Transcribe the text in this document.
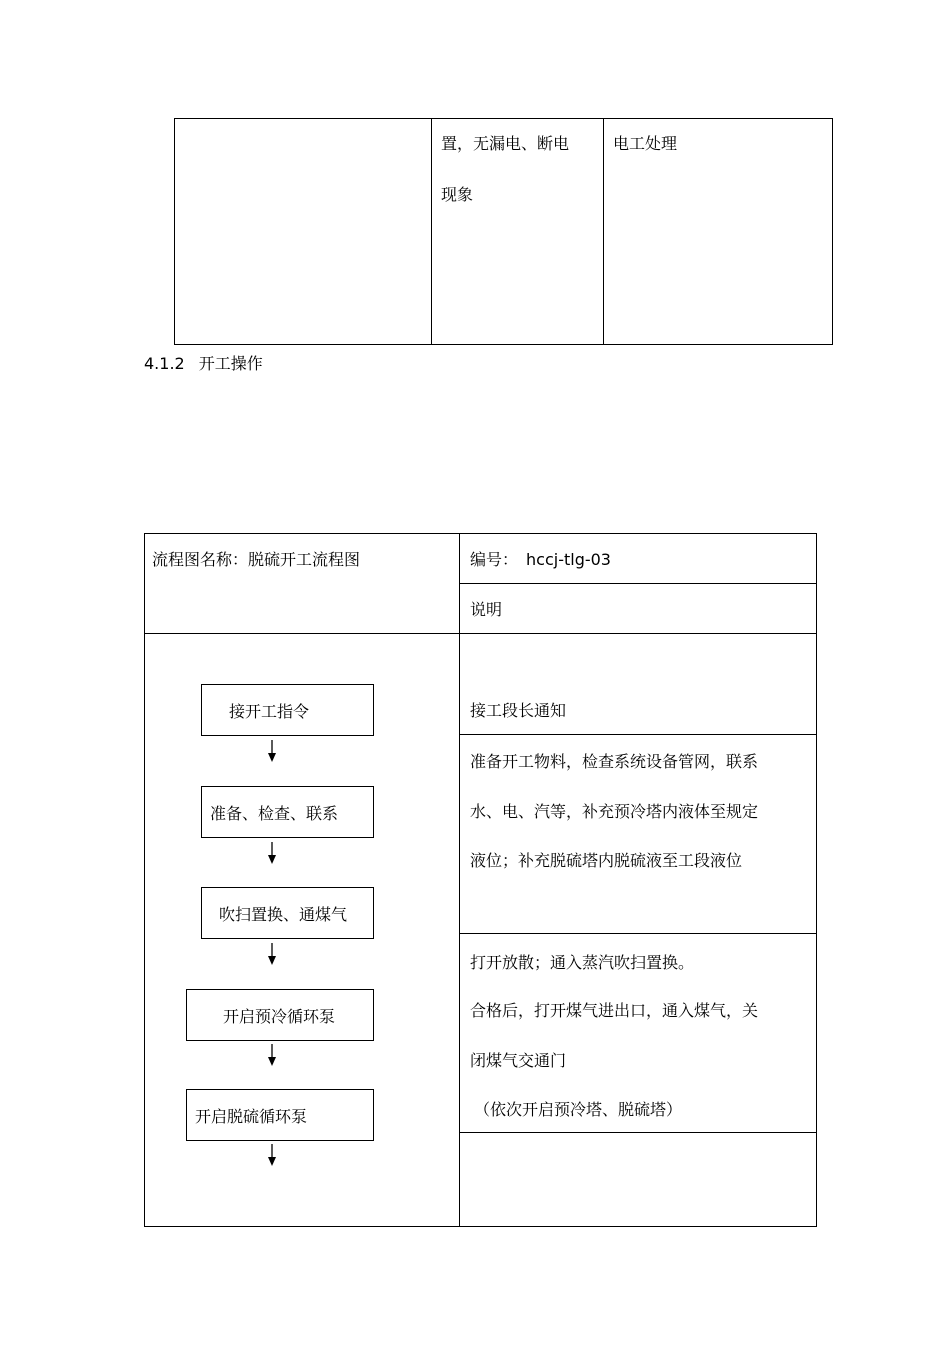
置，无漏电、断电
现象
电工处理
4.1.2 开工操作
流程图名称：脱硫开工流程图	编号： hccj-tlg-03
说明
接开工指令
准备、检查、联系
吹扫置换、通煤气
开启预冷循环泵
开启脱硫循环泵
接工段长通知
准备开工物料，检查系统设备管网，联系
水、电、汽等，补充预冷塔内液体至规定
液位；补充脱硫塔内脱硫液至工段液位
打开放散；通入蒸汽吹扫置换。
合格后，打开煤气进出口，通入煤气，关
闭煤气交通门
（依次开启预冷塔、脱硫塔）
